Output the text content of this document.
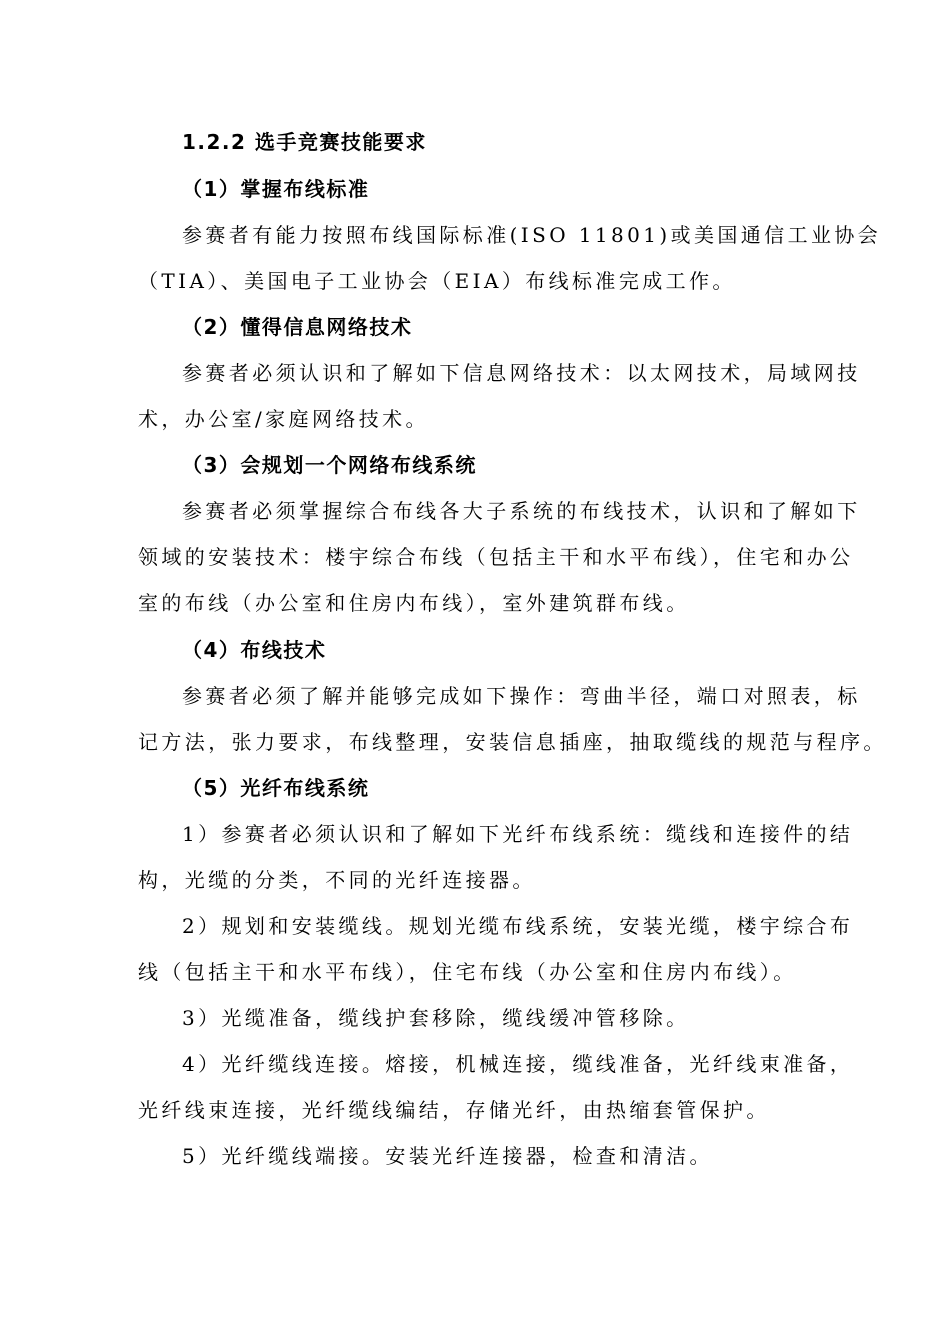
1.2.2 选手竞赛技能要求
（1）掌握布线标准
参赛者有能力按照布线国际标准(ISO 11801)或美国通信工业协会
（TIA）、美国电子工业协会（EIA）布线标准完成工作。
（2）懂得信息网络技术
参赛者必须认识和了解如下信息网络技术：以太网技术，局域网技
术，办公室/家庭网络技术。
（3）会规划一个网络布线系统
参赛者必须掌握综合布线各大子系统的布线技术，认识和了解如下
领域的安装技术：楼宇综合布线（包括主干和水平布线），住宅和办公
室的布线（办公室和住房内布线），室外建筑群布线。
（4）布线技术
参赛者必须了解并能够完成如下操作：弯曲半径，端口对照表，标
记方法，张力要求，布线整理，安装信息插座，抽取缆线的规范与程序。
（5）光纤布线系统
1）参赛者必须认识和了解如下光纤布线系统：缆线和连接件的结
构，光缆的分类，不同的光纤连接器。
2）规划和安装缆线。规划光缆布线系统，安装光缆，楼宇综合布
线（包括主干和水平布线），住宅布线（办公室和住房内布线）。
3）光缆准备，缆线护套移除，缆线缓冲管移除。
4）光纤缆线连接。熔接，机械连接，缆线准备，光纤线束准备，
光纤线束连接，光纤缆线编结，存储光纤，由热缩套管保护。
5）光纤缆线端接。安装光纤连接器，检查和清洁。
